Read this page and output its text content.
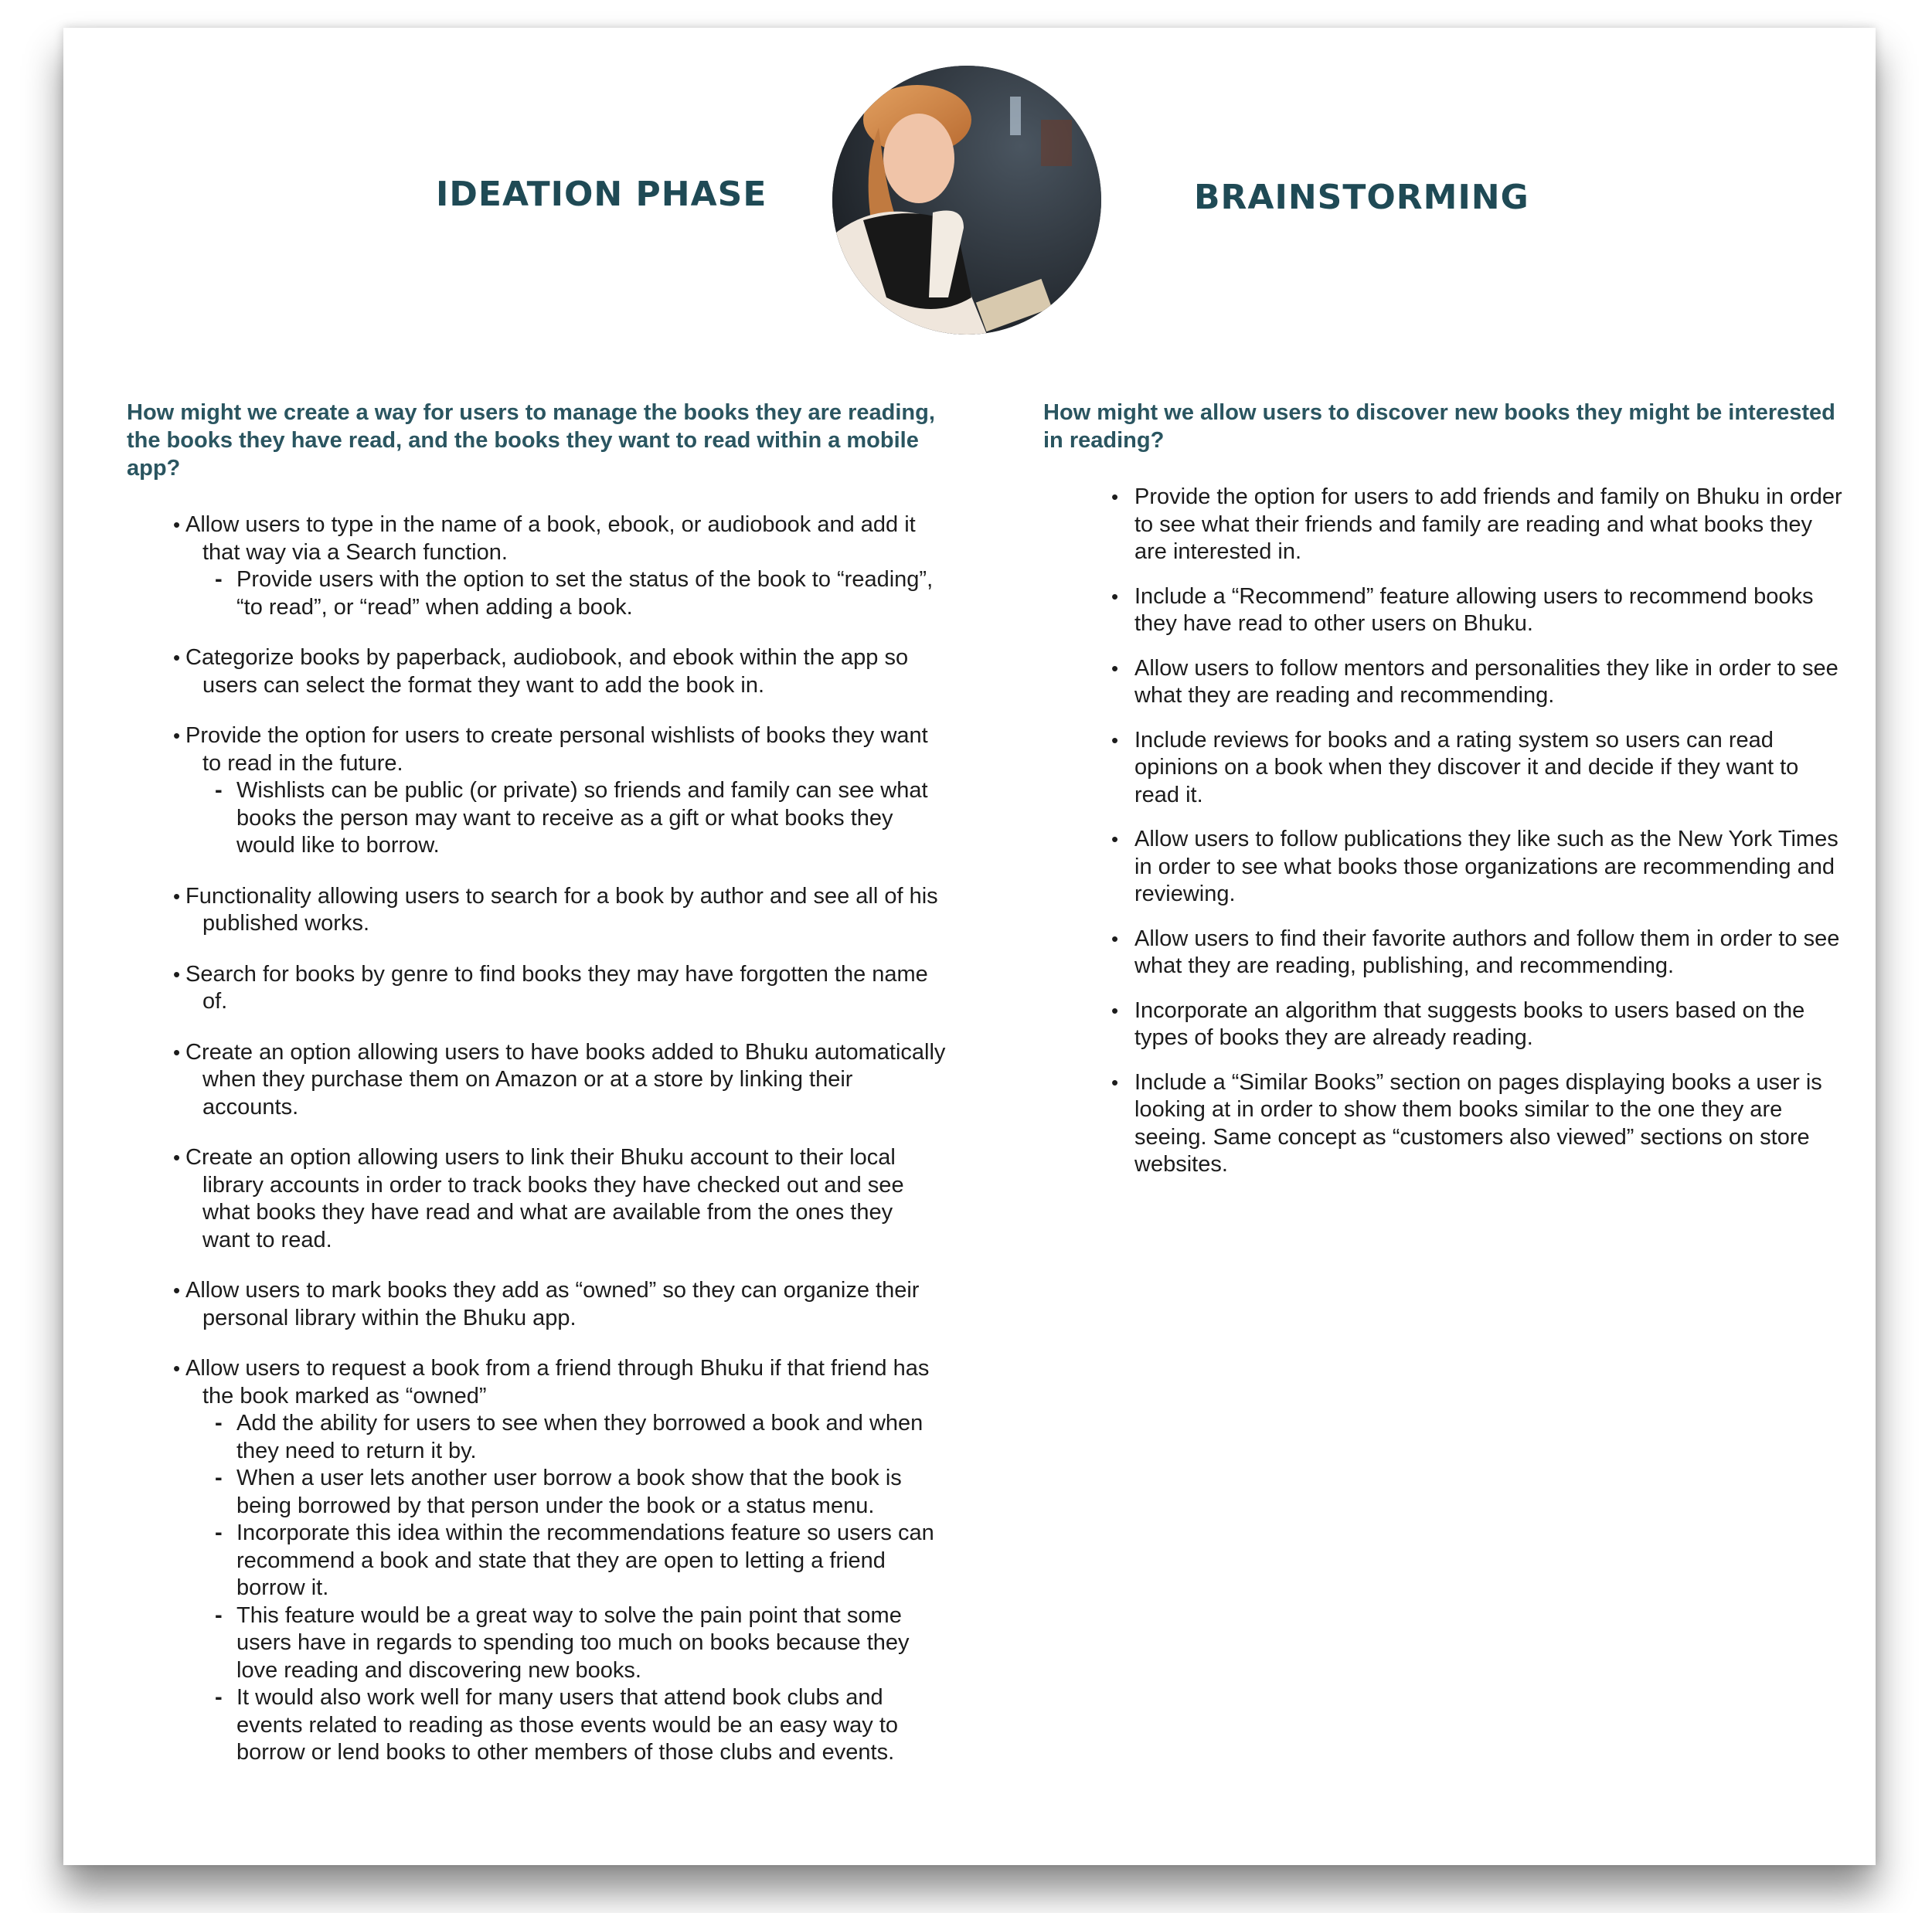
IDEATION PHASE	BRAINSTORMING

How might we create a way for users to manage the books they are reading, the books they have read, and the books they want to read within a mobile app?

• Allow users to type in the name of a book, ebook, or audiobook and add it that way via a Search function.
- Provide users with the option to set the status of the book to “reading”, “to read”, or “read” when adding a book.
• Categorize books by paperback, audiobook, and ebook within the app so users can select the format they want to add the book in.
• Provide the option for users to create personal wishlists of books they want to read in the future.
- Wishlists can be public (or private) so friends and family can see what books the person may want to receive as a gift or what books they would like to borrow.
• Functionality allowing users to search for a book by author and see all of his published works.
• Search for books by genre to find books they may have forgotten the name of.
• Create an option allowing users to have books added to Bhuku automatically when they purchase them on Amazon or at a store by linking their accounts.
• Create an option allowing users to link their Bhuku account to their local library accounts in order to track books they have checked out and see what books they have read and what are available from the ones they want to read.
• Allow users to mark books they add as “owned” so they can organize their personal library within the Bhuku app.
• Allow users to request a book from a friend through Bhuku if that friend has the book marked as “owned”
- Add the ability for users to see when they borrowed a book and when they need to return it by.
- When a user lets another user borrow a book show that the book is being borrowed by that person under the book or a status menu.
- Incorporate this idea within the recommendations feature so users can recommend a book and state that they are open to letting a friend borrow it.
- This feature would be a great way to solve the pain point that some users have in regards to spending too much on books because they love reading and discovering new books.
- It would also work well for many users that attend book clubs and events related to reading as those events would be an easy way to borrow or lend books to other members of those clubs and events.

How might we allow users to discover new books they might be interested in reading?

• Provide the option for users to add friends and family on Bhuku in order to see what their friends and family are reading and what books they are interested in.
• Include a “Recommend” feature allowing users to recommend books they have read to other users on Bhuku.
• Allow users to follow mentors and personalities they like in order to see what they are reading and recommending.
• Include reviews for books and a rating system so users can read opinions on a book when they discover it and decide if they want to read it.
• Allow users to follow publications they like such as the New York Times in order to see what books those organizations are recommending and reviewing.
• Allow users to find their favorite authors and follow them in order to see what they are reading, publishing, and recommending.
• Incorporate an algorithm that suggests books to users based on the types of books they are already reading.
• Include a “Similar Books” section on pages displaying books a user is looking at in order to show them books similar to the one they are seeing. Same concept as “customers also viewed” sections on store websites.
